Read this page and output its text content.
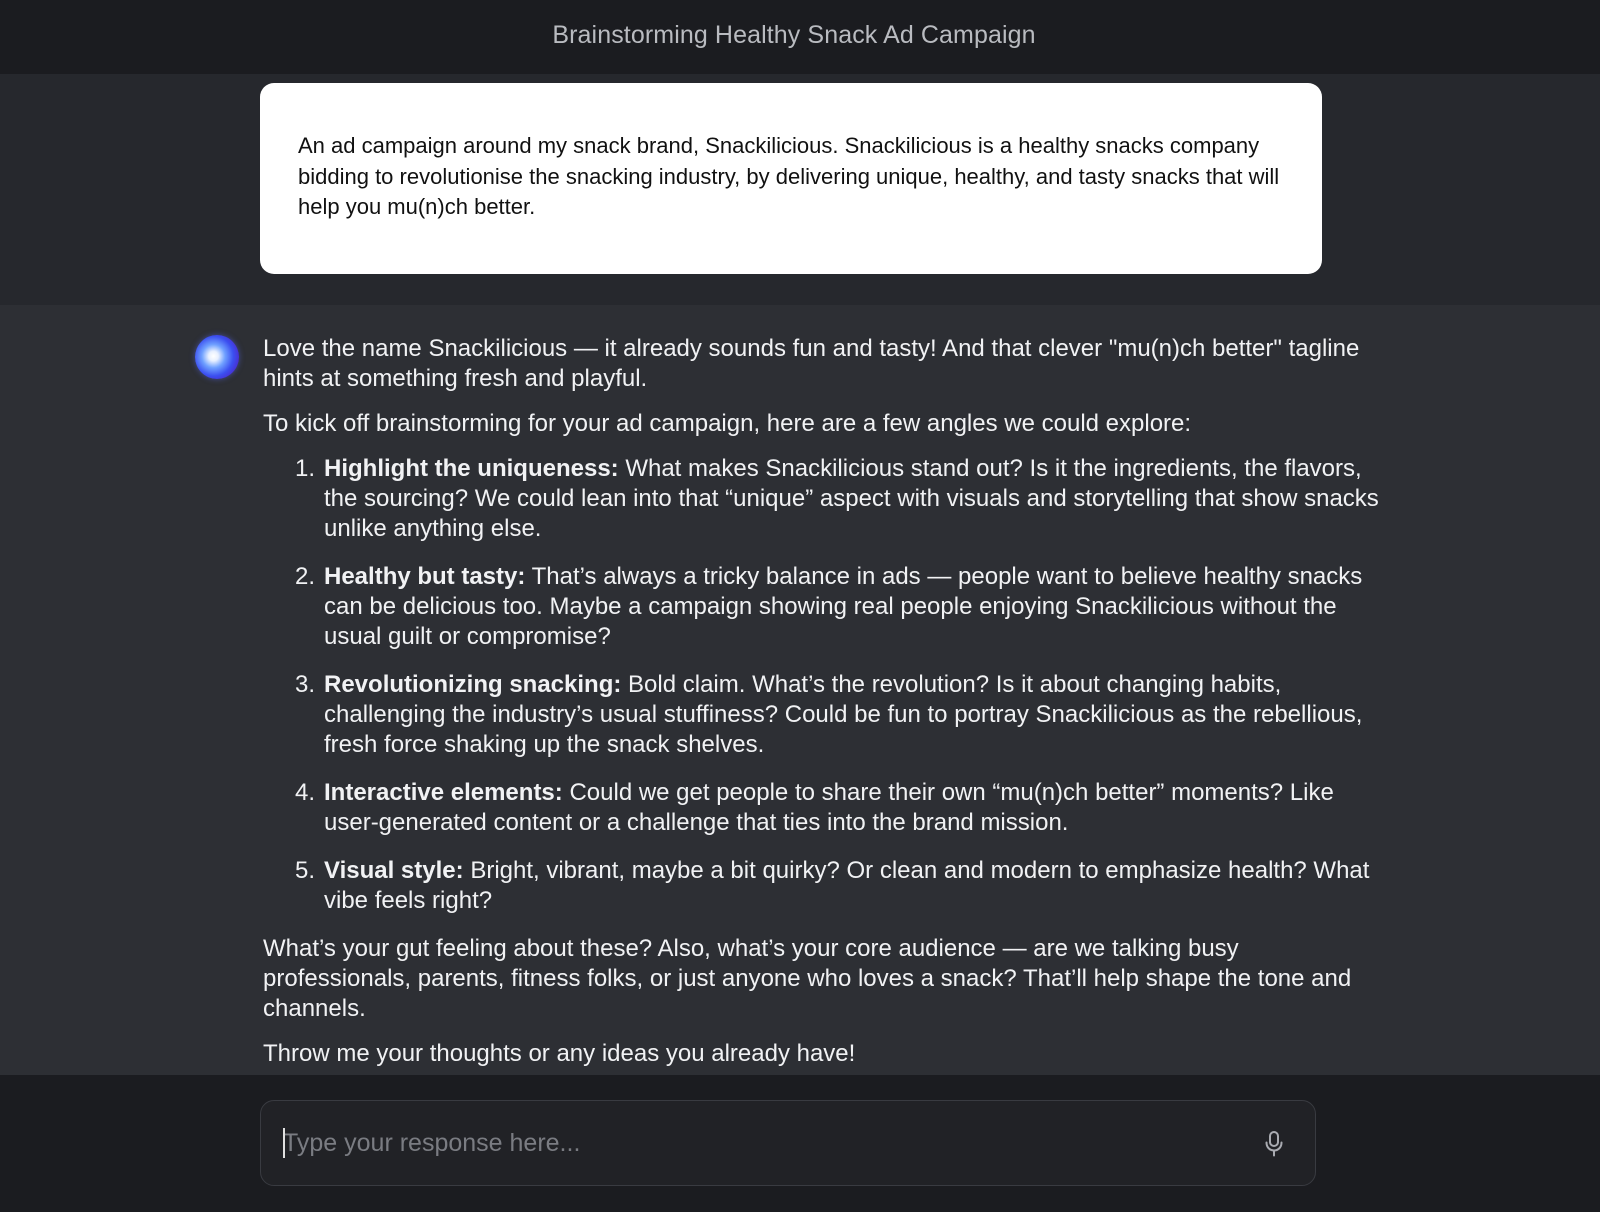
Brainstorming Healthy Snack Ad Campaign
An ad campaign around my snack brand, Snackilicious. Snackilicious is a healthy snacks company bidding to revolutionise the snacking industry, by delivering unique, healthy, and tasty snacks that will help you mu(n)ch better.

Love the name Snackilicious — it already sounds fun and tasty! And that clever "mu(n)ch better" tagline hints at something fresh and playful.

To kick off brainstorming for your ad campaign, here are a few angles we could explore:

1. Highlight the uniqueness: What makes Snackilicious stand out? Is it the ingredients, the flavors, the sourcing? We could lean into that “unique” aspect with visuals and storytelling that show snacks unlike anything else.
2. Healthy but tasty: That’s always a tricky balance in ads — people want to believe healthy snacks can be delicious too. Maybe a campaign showing real people enjoying Snackilicious without the usual guilt or compromise?
3. Revolutionizing snacking: Bold claim. What’s the revolution? Is it about changing habits, challenging the industry’s usual stuffiness? Could be fun to portray Snackilicious as the rebellious, fresh force shaking up the snack shelves.
4. Interactive elements: Could we get people to share their own “mu(n)ch better” moments? Like user-generated content or a challenge that ties into the brand mission.
5. Visual style: Bright, vibrant, maybe a bit quirky? Or clean and modern to emphasize health? What vibe feels right?

What’s your gut feeling about these? Also, what’s your core audience — are we talking busy professionals, parents, fitness folks, or just anyone who loves a snack? That’ll help shape the tone and channels.

Throw me your thoughts or any ideas you already have!

Type your response here...
